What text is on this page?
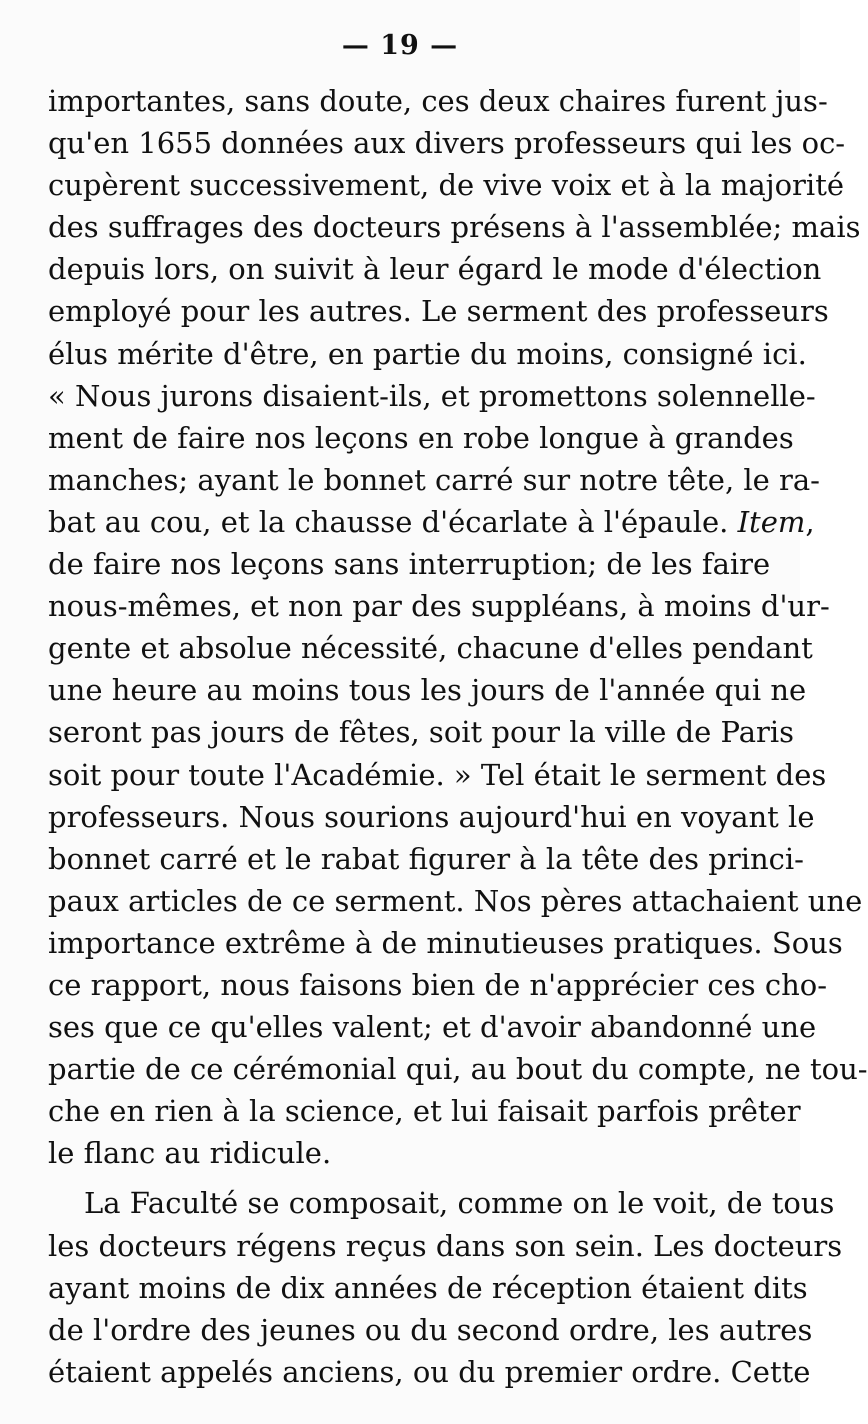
— 19 —
importantes, sans doute, ces deux chaires furent jus-
qu'en 1655 données aux divers professeurs qui les oc-
cupèrent successivement, de vive voix et à la majorité
des suffrages des docteurs présens à l'assemblée; mais
depuis lors, on suivit à leur égard le mode d'élection
employé pour les autres. Le serment des professeurs
élus mérite d'être, en partie du moins, consigné ici.
« Nous jurons disaient-ils, et promettons solennelle-
ment de faire nos leçons en robe longue à grandes
manches; ayant le bonnet carré sur notre tête, le ra-
bat au cou, et la chausse d'écarlate à l'épaule. Item,
de faire nos leçons sans interruption; de les faire
nous-mêmes, et non par des suppléans, à moins d'ur-
gente et absolue nécessité, chacune d'elles pendant
une heure au moins tous les jours de l'année qui ne
seront pas jours de fêtes, soit pour la ville de Paris
soit pour toute l'Académie. » Tel était le serment des
professeurs. Nous sourions aujourd'hui en voyant le
bonnet carré et le rabat figurer à la tête des princi-
paux articles de ce serment. Nos pères attachaient une
importance extrême à de minutieuses pratiques. Sous
ce rapport, nous faisons bien de n'apprécier ces cho-
ses que ce qu'elles valent; et d'avoir abandonné une
partie de ce cérémonial qui, au bout du compte, ne tou-
che en rien à la science, et lui faisait parfois prêter
le flanc au ridicule.
La Faculté se composait, comme on le voit, de tous
les docteurs régens reçus dans son sein. Les docteurs
ayant moins de dix années de réception étaient dits
de l'ordre des jeunes ou du second ordre, les autres
étaient appelés anciens, ou du premier ordre. Cette
